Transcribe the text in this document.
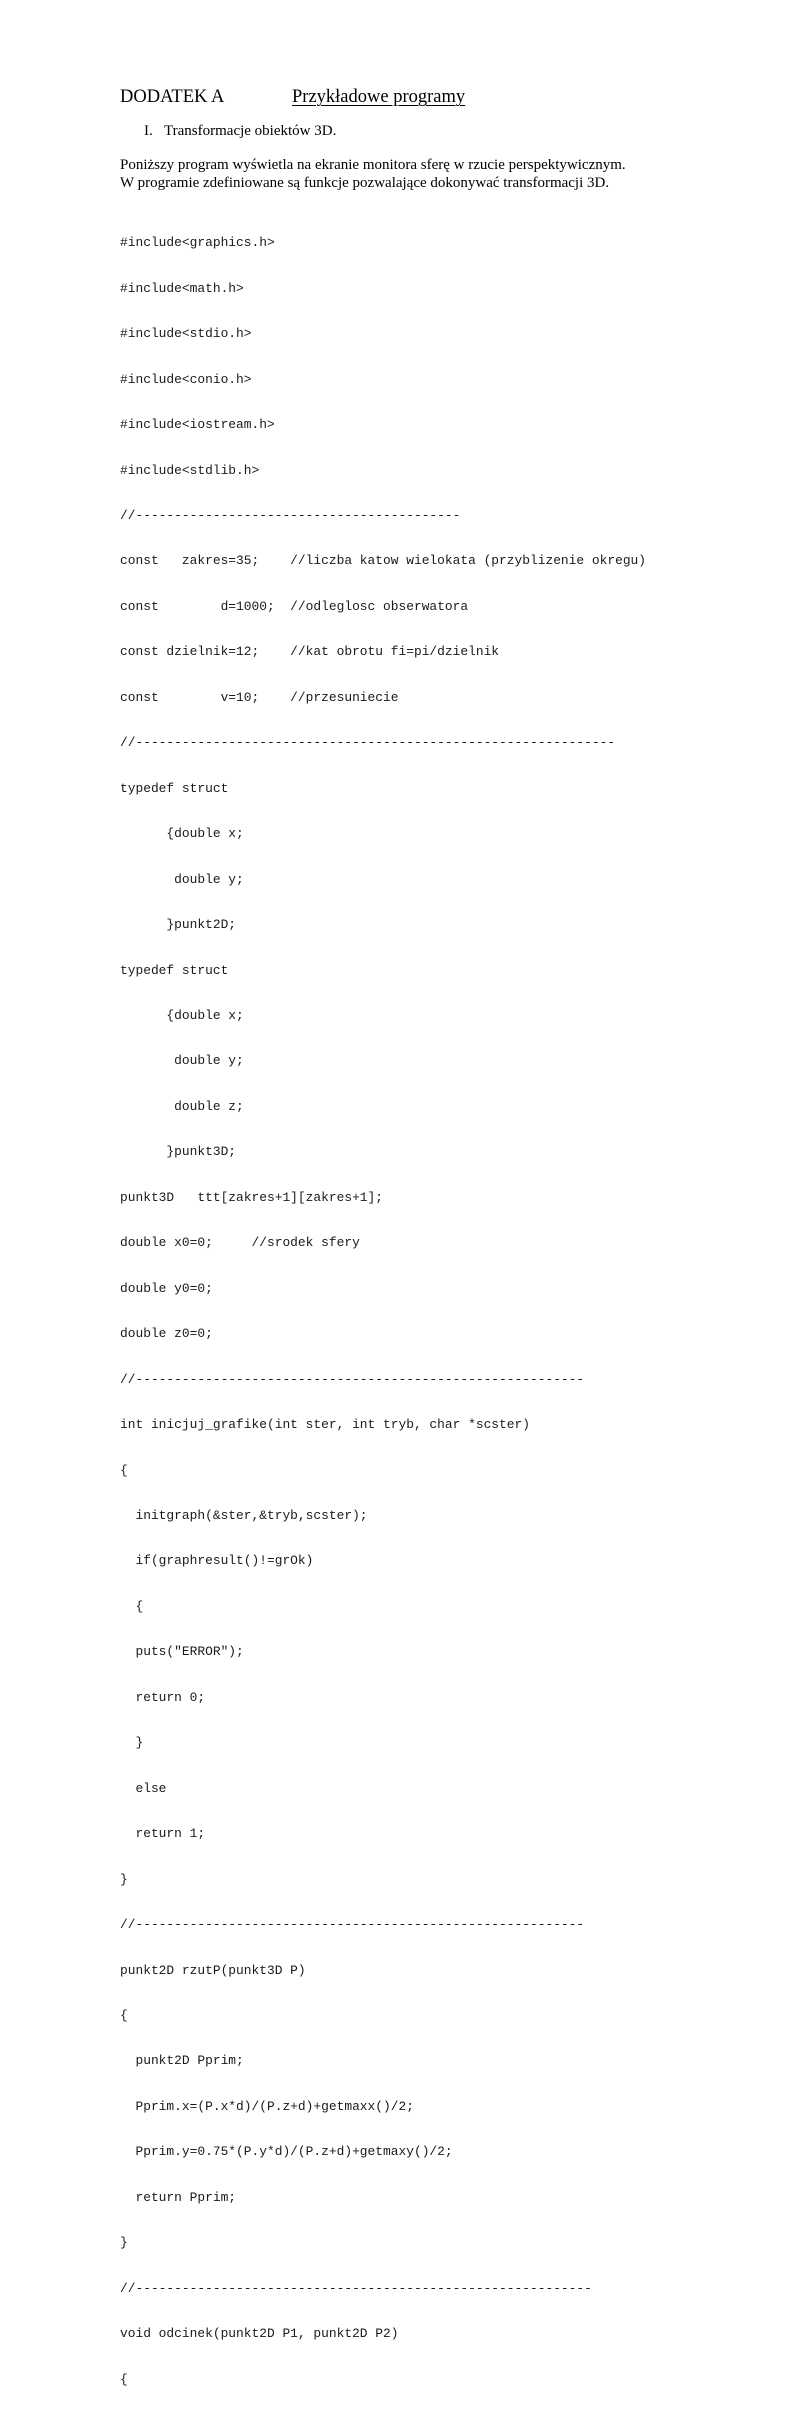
DODATEK A	Przykładowe programy
I. Transformacje obiektów 3D.
Poniższy program wyświetla na ekranie monitora sferę w rzucie perspektywicznym.
W programie zdefiniowane są funkcje pozwalające dokonywać transformacji 3D.

#include<graphics.h>

#include<math.h>

#include<stdio.h>

#include<conio.h>

#include<iostream.h>

#include<stdlib.h>

//------------------------------------------

const   zakres=35;    //liczba katow wielokata (przyblizenie okregu)

const        d=1000;  //odleglosc obserwatora

const dzielnik=12;    //kat obrotu fi=pi/dzielnik

const        v=10;    //przesuniecie

//--------------------------------------------------------------

typedef struct

{double x;

double y;

}punkt2D;

typedef struct

{double x;

double y;

double z;

}punkt3D;

punkt3D   ttt[zakres+1][zakres+1];

double x0=0;     //srodek sfery

double y0=0;

double z0=0;

//----------------------------------------------------------

int inicjuj_grafike(int ster, int tryb, char *scster)

{

initgraph(&ster,&tryb,scster);

if(graphresult()!=grOk)

{

puts("ERROR");

return 0;

}

else

return 1;

}

//----------------------------------------------------------

punkt2D rzutP(punkt3D P)

{

punkt2D Pprim;

Pprim.x=(P.x*d)/(P.z+d)+getmaxx()/2;

Pprim.y=0.75*(P.y*d)/(P.z+d)+getmaxy()/2;

return Pprim;

}

//-----------------------------------------------------------

void odcinek(punkt2D P1, punkt2D P2)

{
